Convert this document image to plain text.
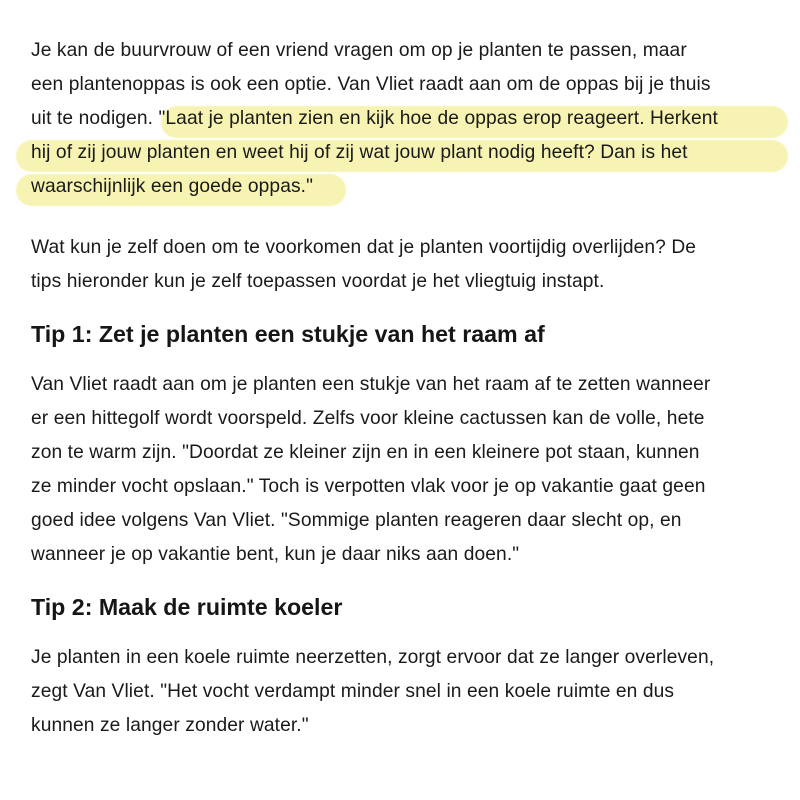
Je kan de buurvrouw of een vriend vragen om op je planten te passen, maar
een plantenoppas is ook een optie. Van Vliet raadt aan om de oppas bij je thuis
uit te nodigen. "Laat je planten zien en kijk hoe de oppas erop reageert. Herkent
hij of zij jouw planten en weet hij of zij wat jouw plant nodig heeft? Dan is het
waarschijnlijk een goede oppas."
Wat kun je zelf doen om te voorkomen dat je planten voortijdig overlijden? De
tips hieronder kun je zelf toepassen voordat je het vliegtuig instapt.
Tip 1: Zet je planten een stukje van het raam af
Van Vliet raadt aan om je planten een stukje van het raam af te zetten wanneer
er een hittegolf wordt voorspeld. Zelfs voor kleine cactussen kan de volle, hete
zon te warm zijn. "Doordat ze kleiner zijn en in een kleinere pot staan, kunnen
ze minder vocht opslaan." Toch is verpotten vlak voor je op vakantie gaat geen
goed idee volgens Van Vliet. "Sommige planten reageren daar slecht op, en
wanneer je op vakantie bent, kun je daar niks aan doen."
Tip 2: Maak de ruimte koeler
Je planten in een koele ruimte neerzetten, zorgt ervoor dat ze langer overleven,
zegt Van Vliet. "Het vocht verdampt minder snel in een koele ruimte en dus
kunnen ze langer zonder water."
